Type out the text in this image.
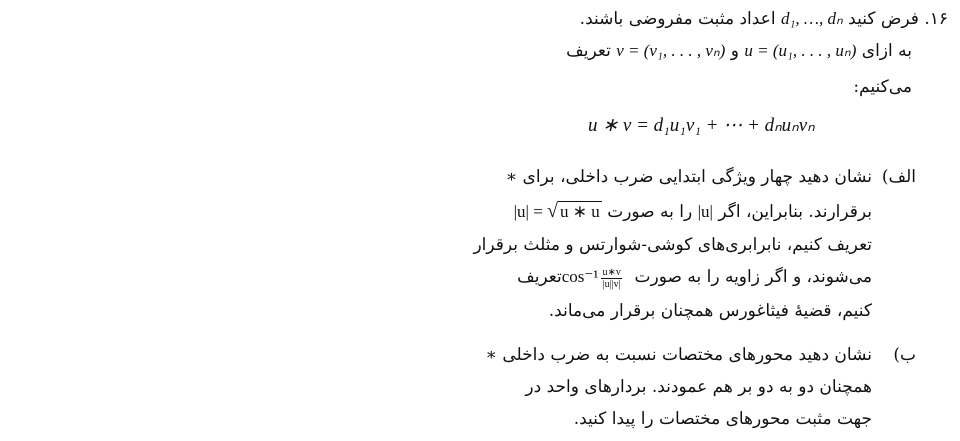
۱۶. فرض کنید d₁, …, dₙ اعداد مثبت مفروضی باشند.
به ازای u = (u₁, . . . , uₙ) و v = (v₁, . . . , vₙ) تعریف
می‌کنیم:
u ∗ v = d₁u₁v₁ + ⋯ + dₙuₙvₙ
الف)
نشان دهید چهار ویژگی ابتدایی ضرب داخلی، برای ∗
برقرارند. بنابراین، اگر |u| را به صورت |u| = √ u ∗ u
تعریف کنیم، نابرابری‌های کوشی-شوارتس و مثلث برقرار
می‌شوند، و اگر زاویه را به صورت $\cos^{-1} \frac{u∗v}{|u||v|}$
تعریف
کنیم، قضیهٔ فیثاغورس همچنان برقرار می‌ماند.
ب)
نشان دهید محورهای مختصات نسبت به ضرب داخلی ∗
همچنان دو به دو بر هم عمودند. بردارهای واحد در
جهت مثبت محورهای مختصات را پیدا کنید.
